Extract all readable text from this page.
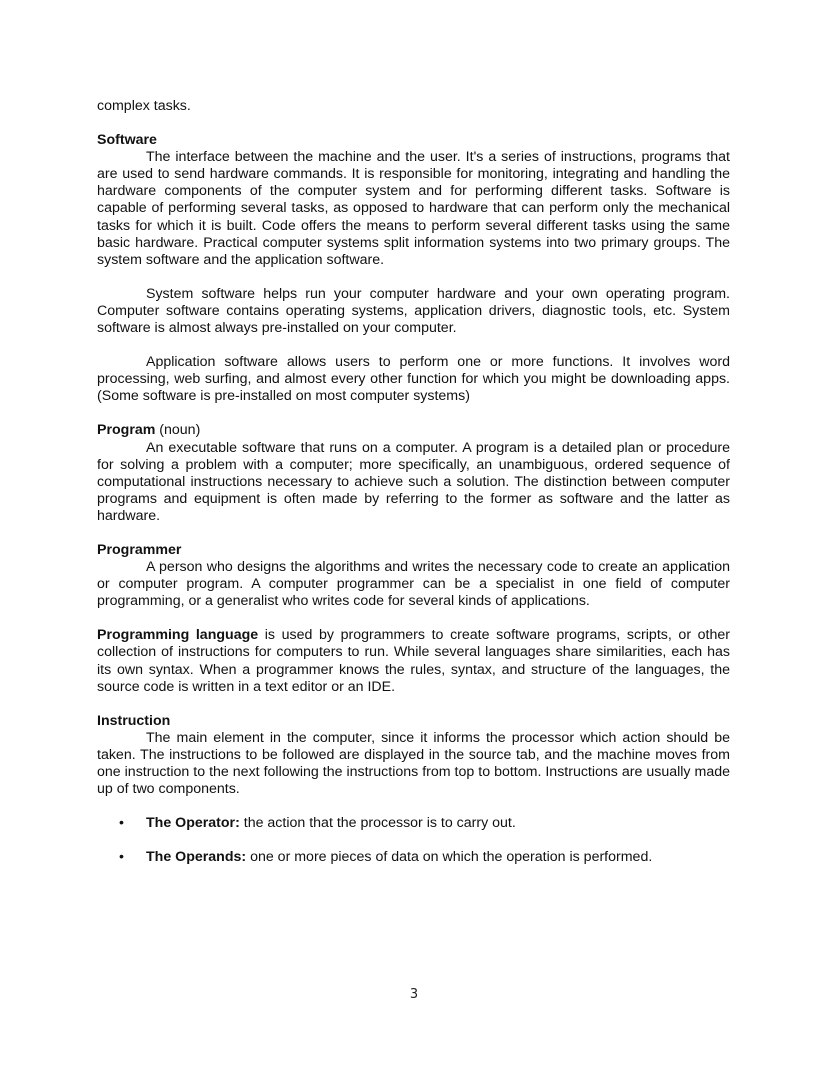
complex tasks.

Software

The interface between the machine and the user. It's a series of instructions, programs that are used to send hardware commands. It is responsible for monitoring, integrating and handling the hardware components of the computer system and for performing different tasks. Software is capable of performing several tasks, as opposed to hardware that can perform only the mechanical tasks for which it is built. Code offers the means to perform several different tasks using the same basic hardware. Practical computer systems split information systems into two primary groups. The system software and the application software.

System software helps run your computer hardware and your own operating program. Computer software contains operating systems, application drivers, diagnostic tools, etc. System software is almost always pre-installed on your computer.

Application software allows users to perform one or more functions. It involves word processing, web surfing, and almost every other function for which you might be downloading apps. (Some software is pre-installed on most computer systems)

Program (noun)

An executable software that runs on a computer. A program is a detailed plan or procedure for solving a problem with a computer; more specifically, an unambiguous, ordered sequence of computational instructions necessary to achieve such a solution. The distinction between computer programs and equipment is often made by referring to the former as software and the latter as hardware.

Programmer

A person who designs the algorithms and writes the necessary code to create an application or computer program. A computer programmer can be a specialist in one field of computer programming, or a generalist who writes code for several kinds of applications.

Programming language is used by programmers to create software programs, scripts, or other collection of instructions for computers to run. While several languages share similarities, each has its own syntax. When a programmer knows the rules, syntax, and structure of the languages, the source code is written in a text editor or an IDE.

Instruction

The main element in the computer, since it informs the processor which action should be taken. The instructions to be followed are displayed in the source tab, and the machine moves from one instruction to the next following the instructions from top to bottom. Instructions are usually made up of two components.

• The Operator: the action that the processor is to carry out.
• The Operands: one or more pieces of data on which the operation is performed.
3
